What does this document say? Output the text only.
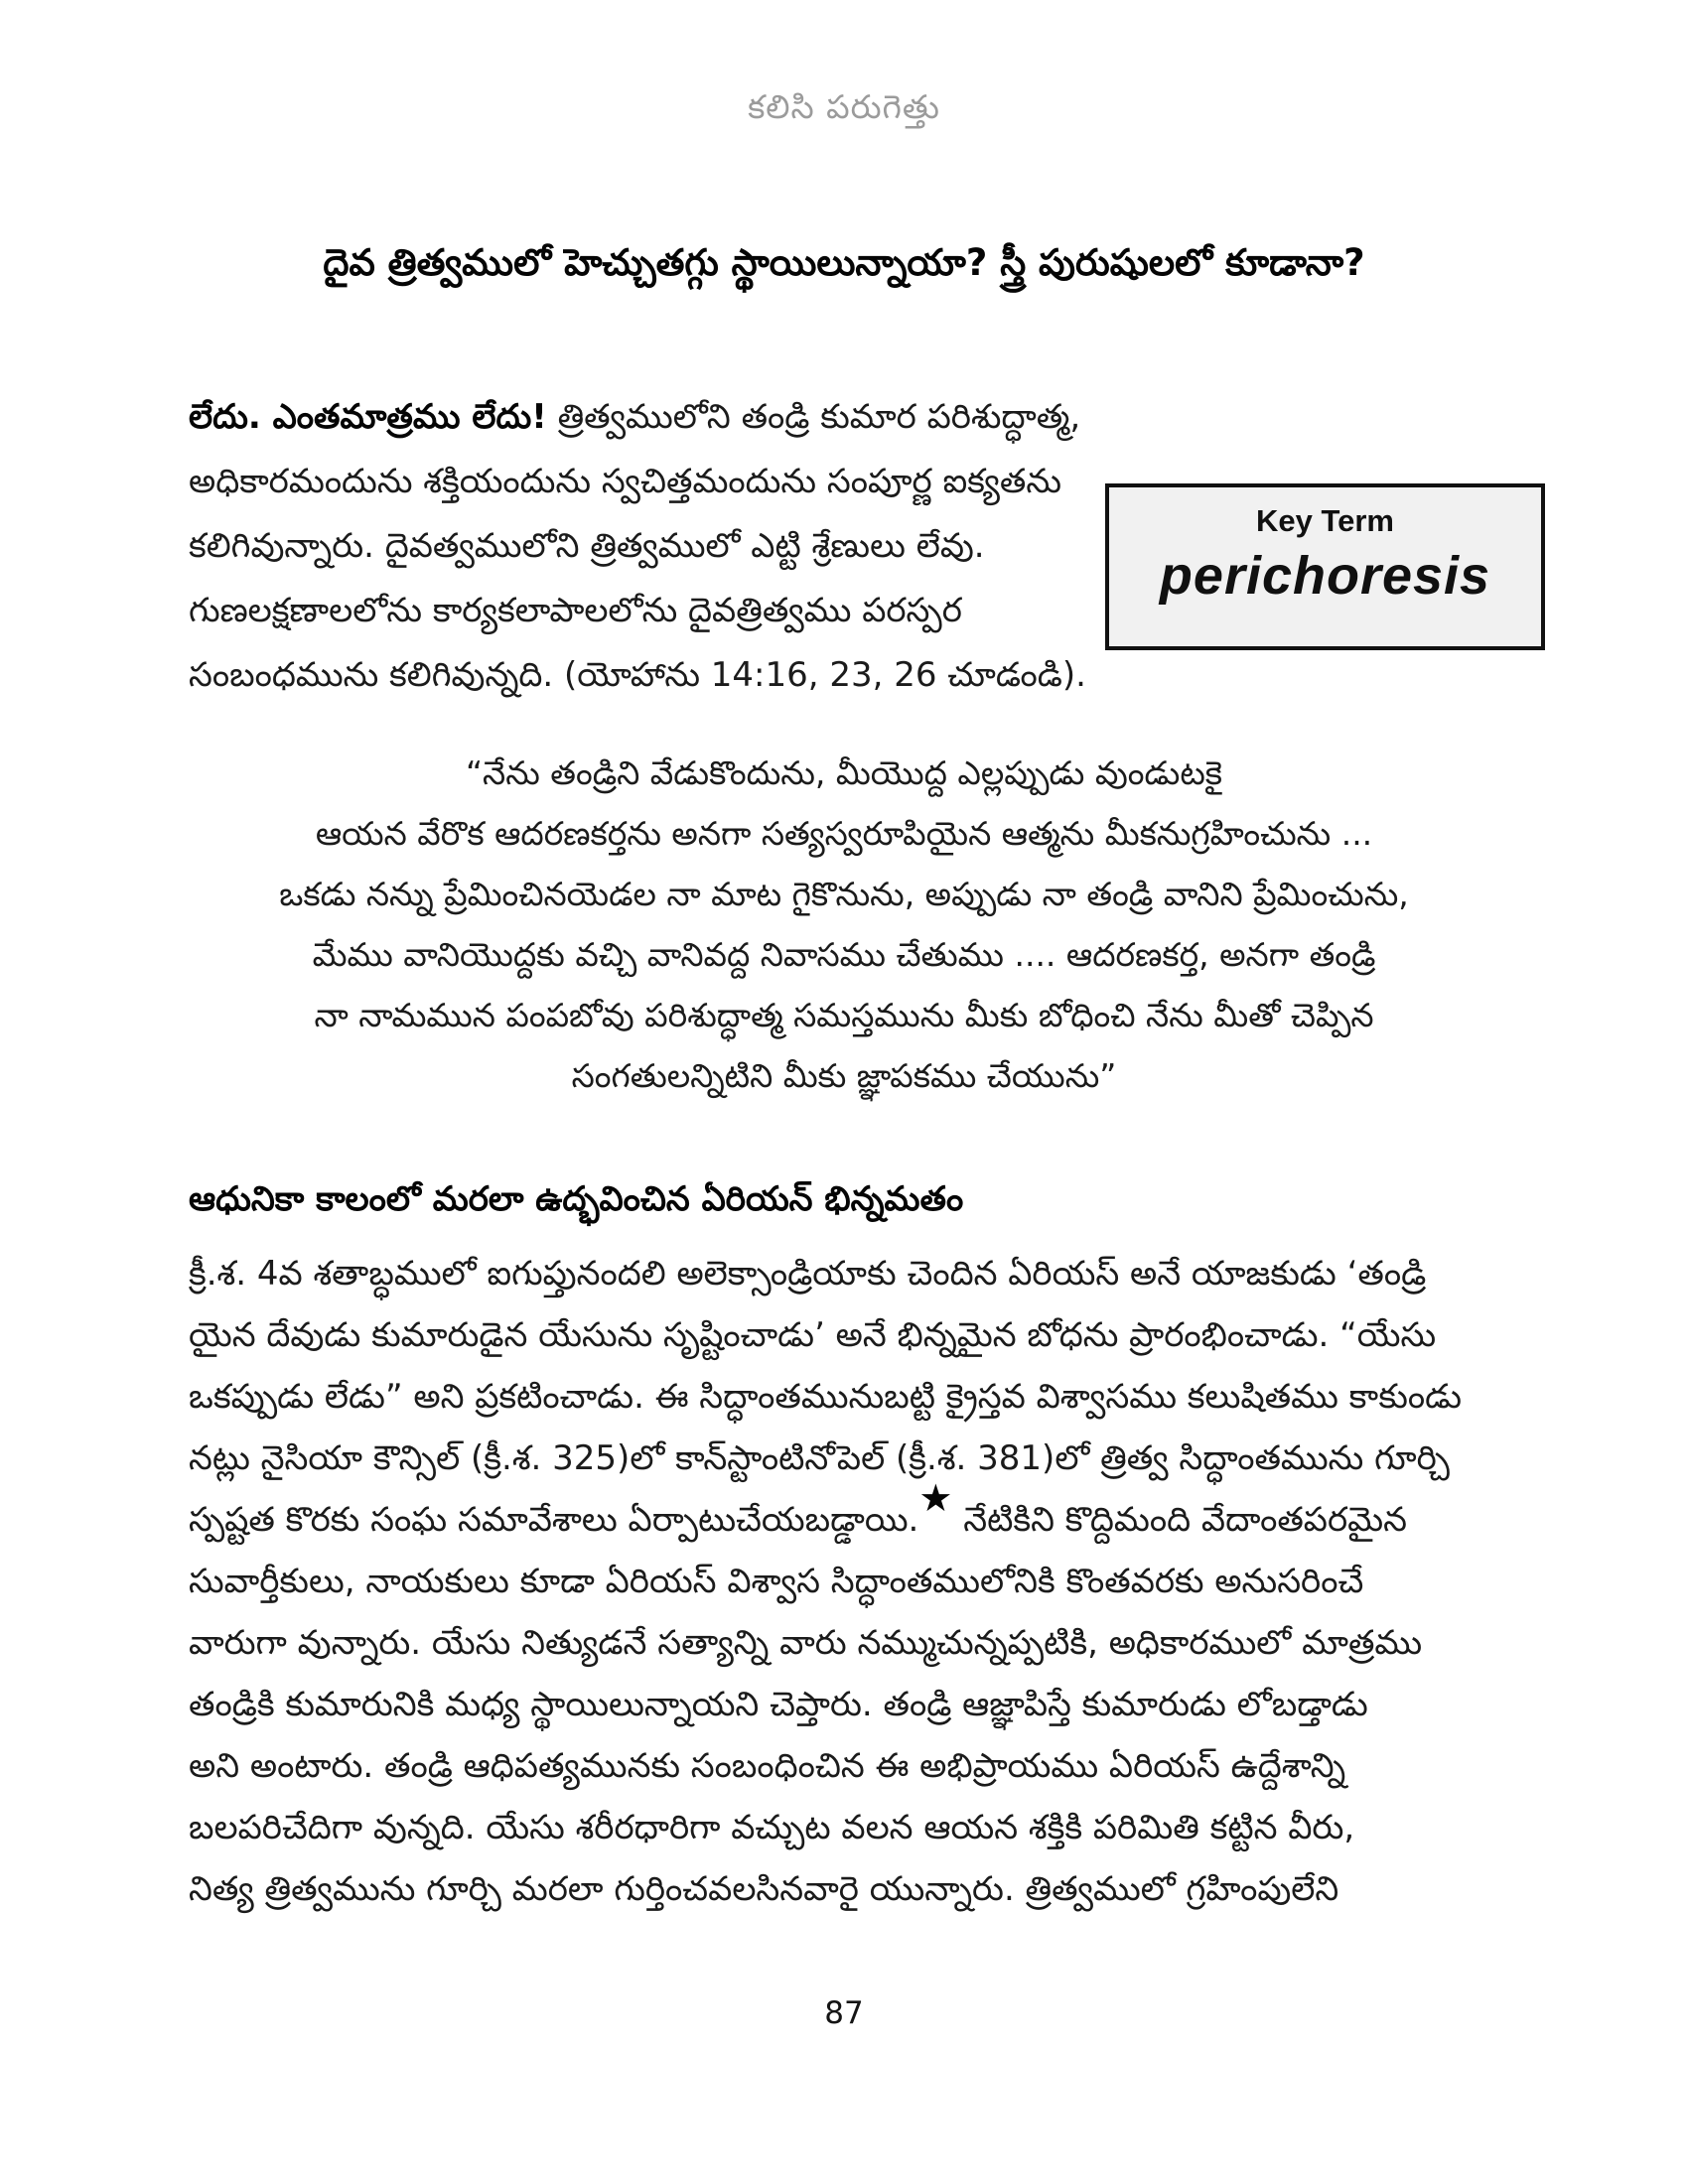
కలిసి పరుగెత్తు
దైవ త్రిత్వములో హెచ్చుతగ్గు స్థాయిలున్నాయా? స్త్రీ పురుషులలో కూడానా?
లేదు. ఎంతమాత్రము లేదు! త్రిత్వములోని తండ్రి కుమార పరిశుద్ధాత్మ,
అధికారమందును శక్తియందును స్వచిత్తమందును సంపూర్ణ ఐక్యతను
కలిగివున్నారు. దైవత్వములోని త్రిత్వములో ఎట్టి శ్రేణులు లేవు.
గుణలక్షణాలలోను కార్యకలాపాలలోను దైవత్రిత్వము పరస్పర
సంబంధమును కలిగివున్నది. (యోహాను 14:16, 23, 26 చూడండి).
Key Term
perichoresis
“నేను తండ్రిని వేడుకొందును, మీయొద్ద ఎల్లప్పుడు వుండుటకై
ఆయన వేరొక ఆదరణకర్తను అనగా సత్యస్వరూపియైన ఆత్మను మీకనుగ్రహించును ...
ఒకడు నన్ను ప్రేమించినయెడల నా మాట గైకొనును, అప్పుడు నా తండ్రి వానిని ప్రేమించును,
మేము వానియొద్దకు వచ్చి వానివద్ద నివాసము చేతుము .... ఆదరణకర్త, అనగా తండ్రి
నా నామమున పంపబోవు పరిశుద్ధాత్మ సమస్తమును మీకు బోధించి నేను మీతో చెప్పిన
సంగతులన్నిటిని మీకు జ్ఞాపకము చేయును”
ఆధునికా కాలంలో మరలా ఉద్భవించిన ఏరియన్ భిన్నమతం
క్రీ.శ. 4వ శతాబ్ధములో ఐగుప్తునందలి అలెక్సాండ్రియాకు చెందిన ఏరియస్ అనే యాజకుడు ‘తండ్రి
యైన దేవుడు కుమారుడైన యేసును సృష్టించాడు’ అనే భిన్నమైన బోధను ప్రారంభించాడు. “యేసు
ఒకప్పుడు లేడు” అని ప్రకటించాడు. ఈ సిద్ధాంతమునుబట్టి క్రైస్తవ విశ్వాసము కలుషితము కాకుండు
నట్లు నైసియా కౌన్సిల్ (క్రీ.శ. 325)లో కాన్‌స్టాంటినోపెల్ (క్రీ.శ. 381)లో త్రిత్వ సిద్ధాంతమును గూర్చి
స్పష్టత కొరకు సంఘ సమావేశాలు ఏర్పాటుచేయబడ్డాయి.★ నేటికిని కొద్దిమంది వేదాంతపరమైన
సువార్తీకులు, నాయకులు కూడా ఏరియస్ విశ్వాస సిద్ధాంతములోనికి కొంతవరకు అనుసరించే
వారుగా వున్నారు. యేసు నిత్యుడనే సత్యాన్ని వారు నమ్ముచున్నప్పటికి, అధికారములో మాత్రము
తండ్రికి కుమారునికి మధ్య స్థాయిలున్నాయని చెప్తారు. తండ్రి ఆజ్ఞాపిస్తే కుమారుడు లోబడ్తాడు
అని అంటారు. తండ్రి ఆధిపత్యమునకు సంబంధించిన ఈ అభిప్రాయము ఏరియస్ ఉద్దేశాన్ని
బలపరిచేదిగా వున్నది. యేసు శరీరధారిగా వచ్చుట వలన ఆయన శక్తికి పరిమితి కట్టిన వీరు,
నిత్య త్రిత్వమును గూర్చి మరలా గుర్తించవలసినవారై యున్నారు. త్రిత్వములో గ్రహింపులేని
87
